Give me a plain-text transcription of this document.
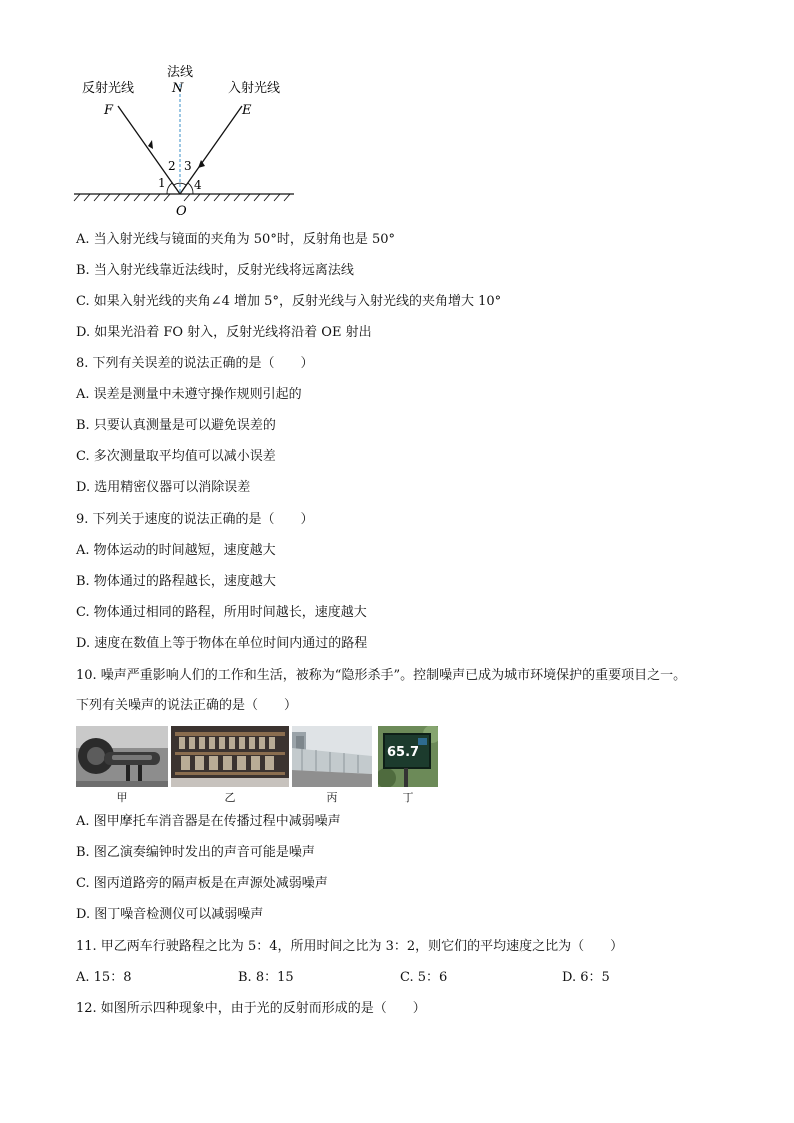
法线
N
反射光线
F
入射光线
E
O
1
2 3
4
A. 当入射光线与镜面的夹角为 50°时，反射角也是 50°
B. 当入射光线靠近法线时，反射光线将远离法线
C. 如果入射光线的夹角∠4 增加 5°，反射光线与入射光线的夹角增大 10°
D. 如果光沿着 FO 射入，反射光线将沿着 OE 射出
8. 下列有关误差的说法正确的是（　　）
A. 误差是测量中未遵守操作规则引起的
B. 只要认真测量是可以避免误差的
C. 多次测量取平均值可以减小误差
D. 选用精密仪器可以消除误差
9. 下列关于速度的说法正确的是（　　）
A. 物体运动的时间越短，速度越大
B. 物体通过的路程越长，速度越大
C. 物体通过相同的路程，所用时间越长，速度越大
D. 速度在数值上等于物体在单位时间内通过的路程
10. 噪声严重影响人们的工作和生活，被称为“隐形杀手”。控制噪声已成为城市环境保护的重要项目之一。
下列有关噪声的说法正确的是（　　）
65.7
甲	乙	丙	丁
A. 图甲摩托车消音器是在传播过程中减弱噪声
B. 图乙演奏编钟时发出的声音可能是噪声
C. 图丙道路旁的隔声板是在声源处减弱噪声
D. 图丁噪音检测仪可以减弱噪声
11. 甲乙两车行驶路程之比为 5：4，所用时间之比为 3：2，则它们的平均速度之比为（　　）
A. 15：8	B. 8：15	C. 5：6	D. 6：5
12. 如图所示四种现象中，由于光的反射而形成的是（　　）
